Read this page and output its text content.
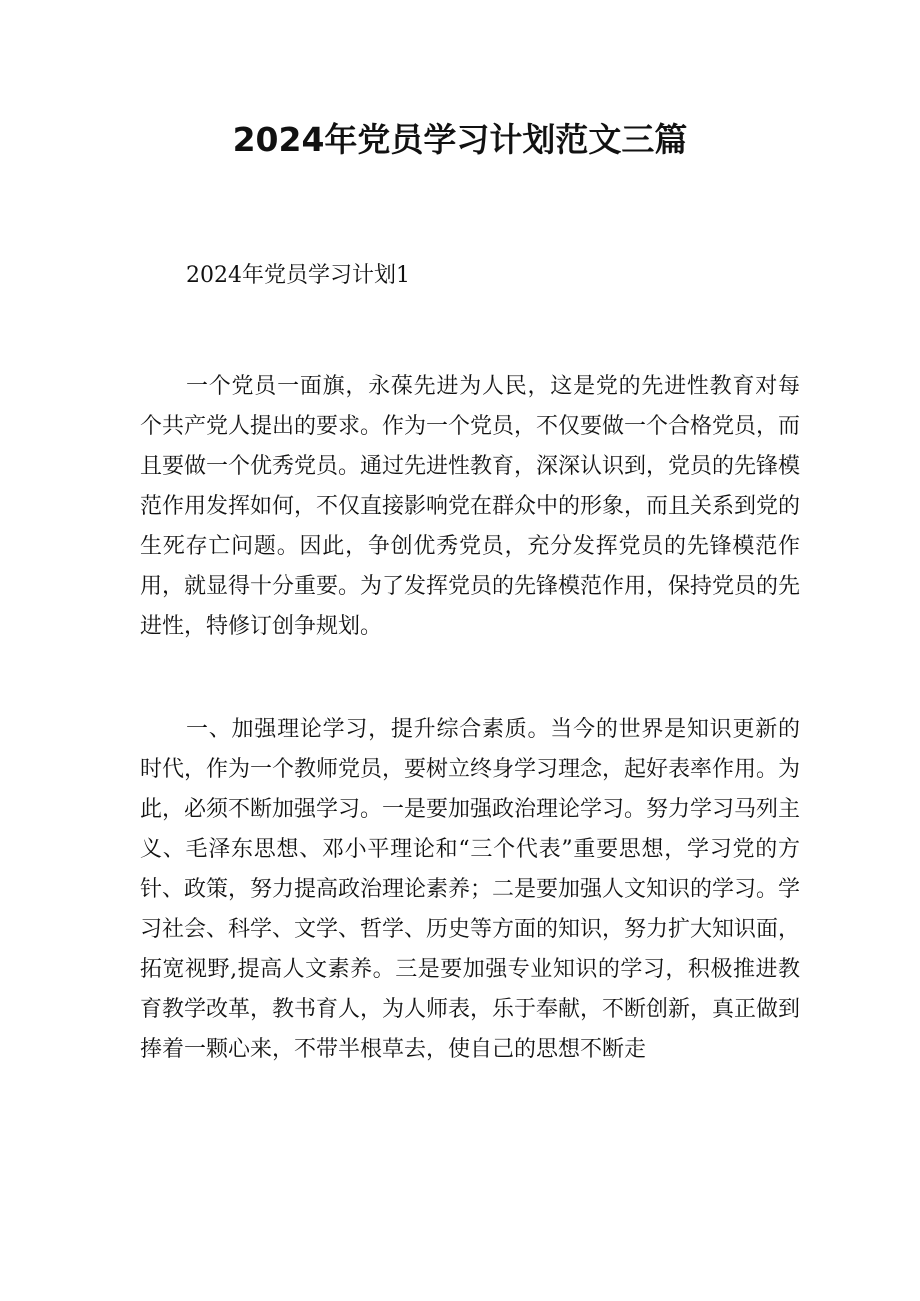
2024年党员学习计划范文三篇
2024年党员学习计划1

一个党员一面旗，永葆先进为人民，这是党的先进性教育对每个共产党人提出的要求。作为一个党员，不仅要做一个合格党员，而且要做一个优秀党员。通过先进性教育，深深认识到，党员的先锋模范作用发挥如何，不仅直接影响党在群众中的形象，而且关系到党的生死存亡问题。因此，争创优秀党员，充分发挥党员的先锋模范作用，就显得十分重要。为了发挥党员的先锋模范作用，保持党员的先进性，特修订创争规划。

一、加强理论学习，提升综合素质。当今的世界是知识更新的时代，作为一个教师党员，要树立终身学习理念，起好表率作用。为此，必须不断加强学习。一是要加强政治理论学习。努力学习马列主义、毛泽东思想、邓小平理论和“三个代表”重要思想，学习党的方针、政策，努力提高政治理论素养；二是要加强人文知识的学习。学习社会、科学、文学、哲学、历史等方面的知识，努力扩大知识面，拓宽视野,提高人文素养。三是要加强专业知识的学习，积极推进教育教学改革，教书育人，为人师表，乐于奉献，不断创新，真正做到捧着一颗心来，不带半根草去，使自己的思想不断走
